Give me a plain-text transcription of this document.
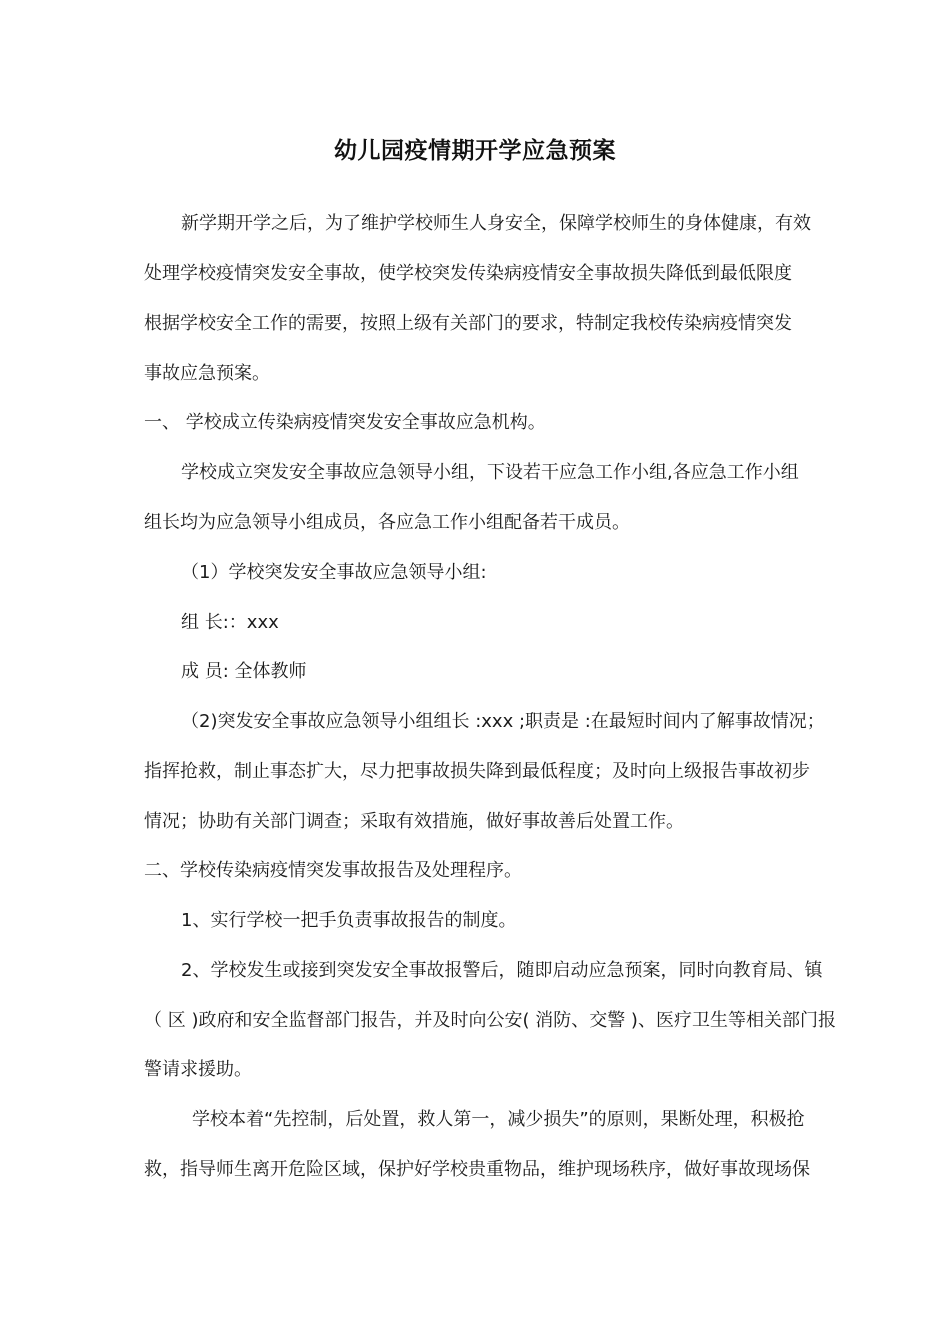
幼儿园疫情期开学应急预案
新学期开学之后，为了维护学校师生人身安全，保障学校师生的身体健康，有效
处理学校疫情突发安全事故，使学校突发传染病疫情安全事故损失降低到最低限度
根据学校安全工作的需要，按照上级有关部门的要求，特制定我校传染病疫情突发
事故应急预案。
一、 学校成立传染病疫情突发安全事故应急机构。
学校成立突发安全事故应急领导小组，下设若干应急工作小组,各应急工作小组
组长均为应急领导小组成员，各应急工作小组配备若干成员。
（1）学校突发安全事故应急领导小组:
组 长:：xxx
成 员: 全体教师
（2)突发安全事故应急领导小组组长 :xxx ;职责是 :在最短时间内了解事故情况；
指挥抢救，制止事态扩大，尽力把事故损失降到最低程度；及时向上级报告事故初步
情况；协助有关部门调查；采取有效措施，做好事故善后处置工作。
二、学校传染病疫情突发事故报告及处理程序。
1、实行学校一把手负责事故报告的制度。
2、学校发生或接到突发安全事故报警后，随即启动应急预案，同时向教育局、镇
（ 区 )政府和安全监督部门报告，并及时向公安( 消防、交警 )、医疗卫生等相关部门报
警请求援助。
学校本着“先控制，后处置，救人第一，减少损失”的原则，果断处理，积极抢
救，指导师生离开危险区域，保护好学校贵重物品，维护现场秩序，做好事故现场保
